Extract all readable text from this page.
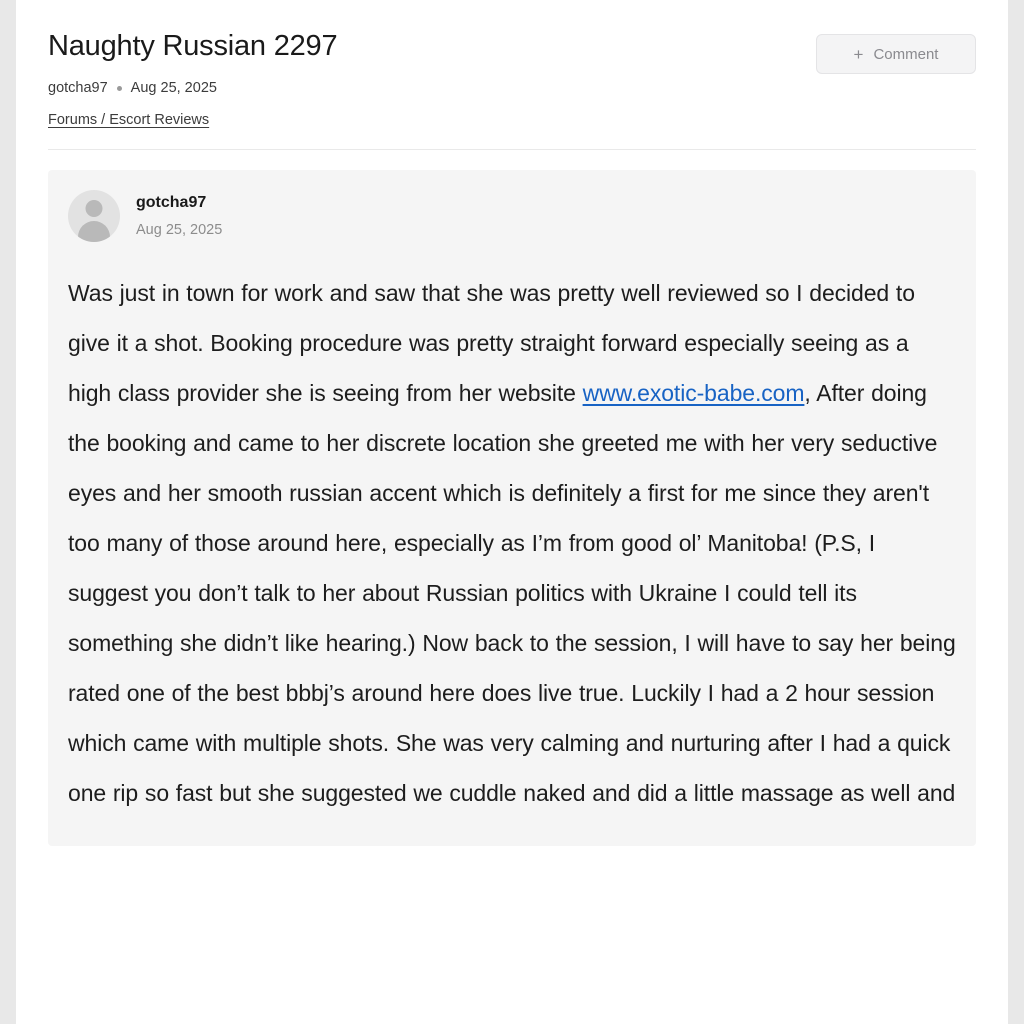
Naughty Russian 2297	+ Comment
gotcha97 Aug 25, 2025
Forums / Escort Reviews
gotcha97
Aug 25, 2025
Was just in town for work and saw that she was pretty well reviewed so I decided to give it a shot. Booking procedure was pretty straight forward especially seeing as a high class provider she is seeing from her website www.exotic-babe.com, After doing the booking and came to her discrete location she greeted me with her very seductive eyes and her smooth russian accent which is definitely a first for me since they aren't too many of those around here, especially as I’m from good ol’ Manitoba! (P.S, I suggest you don’t talk to her about Russian politics with Ukraine I could tell its something she didn’t like hearing.) Now back to the session, I will have to say her being rated one of the best bbbj’s around here does live true. Luckily I had a 2 hour session which came with multiple shots. She was very calming and nurturing after I had a quick one rip so fast but she suggested we cuddle naked and did a little massage as well and
